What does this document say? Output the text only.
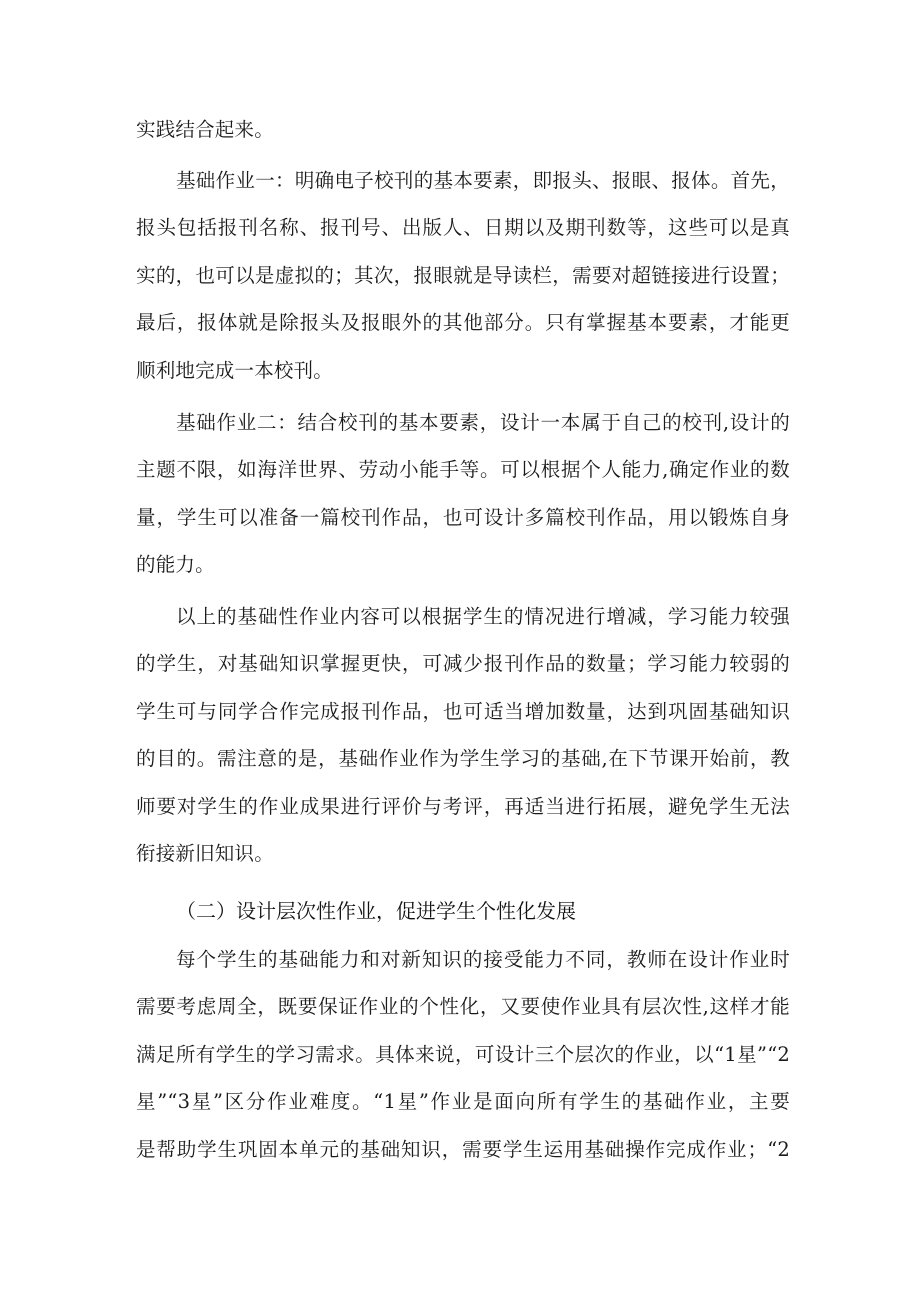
实践结合起来。
基础作业一：明确电子校刊的基本要素，即报头、报眼、报体。首先，
报头包括报刊名称、报刊号、出版人、日期以及期刊数等，这些可以是真
实的，也可以是虚拟的；其次，报眼就是导读栏，需要对超链接进行设置；
最后，报体就是除报头及报眼外的其他部分。只有掌握基本要素，才能更
顺利地完成一本校刊。
基础作业二：结合校刊的基本要素，设计一本属于自己的校刊,设计的
主题不限，如海洋世界、劳动小能手等。可以根据个人能力,确定作业的数
量，学生可以准备一篇校刊作品，也可设计多篇校刊作品，用以锻炼自身
的能力。
以上的基础性作业内容可以根据学生的情况进行增减，学习能力较强
的学生，对基础知识掌握更快，可减少报刊作品的数量；学习能力较弱的
学生可与同学合作完成报刊作品，也可适当增加数量，达到巩固基础知识
的目的。需注意的是，基础作业作为学生学习的基础,在下节课开始前，教
师要对学生的作业成果进行评价与考评，再适当进行拓展，避免学生无法
衔接新旧知识。
（二）设计层次性作业，促进学生个性化发展
每个学生的基础能力和对新知识的接受能力不同，教师在设计作业时
需要考虑周全，既要保证作业的个性化，又要使作业具有层次性,这样才能
满足所有学生的学习需求。具体来说，可设计三个层次的作业，以“1星”“2
星”“3星”区分作业难度。“1星”作业是面向所有学生的基础作业，主要
是帮助学生巩固本单元的基础知识，需要学生运用基础操作完成作业；“2
